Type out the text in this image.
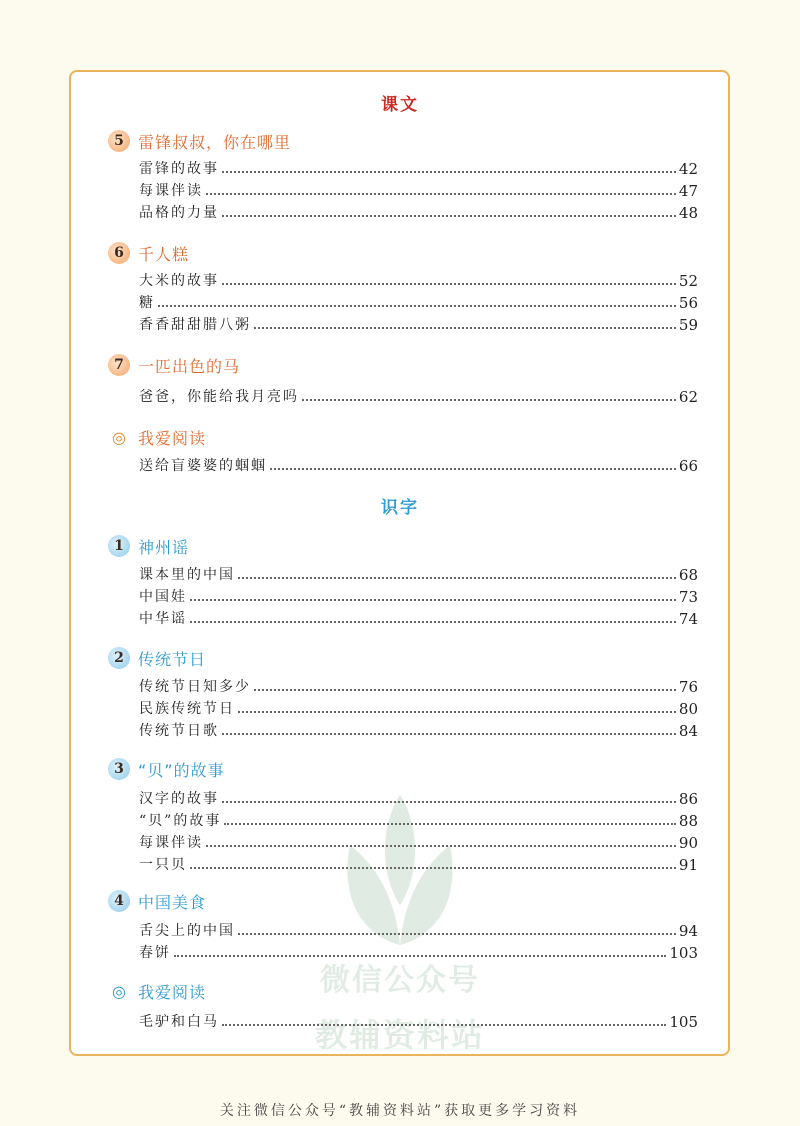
课文
5 雷锋叔叔，你在哪里
雷锋的故事	42
每课伴读	47
品格的力量	48
6 千人糕
大米的故事	52
糖	56
香香甜甜腊八粥	59
7 一匹出色的马
爸爸，你能给我月亮吗	62
◎ 我爱阅读
送给盲婆婆的蝈蝈	66
识字
1 神州谣
课本里的中国	68
中国娃	73
中华谣	74
2 传统节日
传统节日知多少	76
民族传统节日	80
传统节日歌	84
3 “贝”的故事
汉字的故事	86
“贝”的故事	88
每课伴读	90
一只贝	91
4 中国美食
舌尖上的中国	94
春饼	103
◎ 我爱阅读
毛驴和白马	105
关注微信公众号“教辅资料站”获取更多学习资料
